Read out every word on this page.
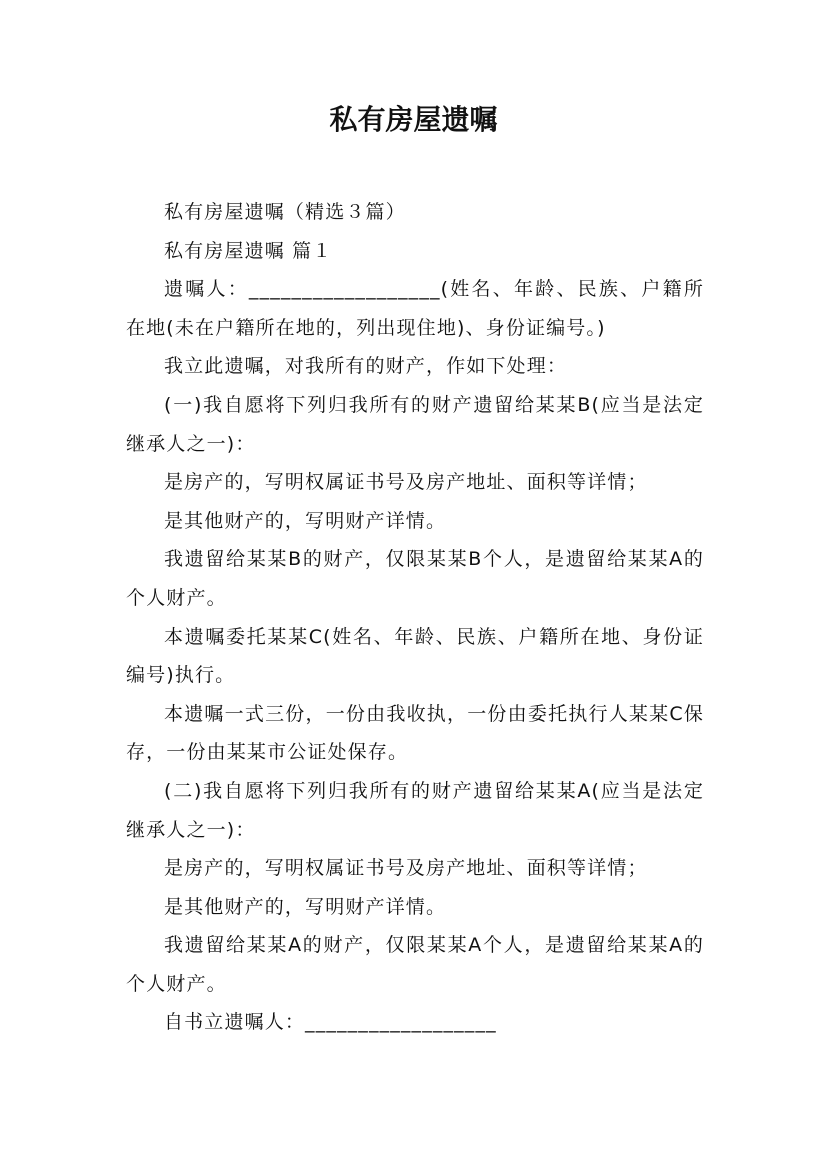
私有房屋遗嘱

私有房屋遗嘱（精选３篇）

私有房屋遗嘱 篇１

遗嘱人：__________________(姓名、年龄、民族、户籍所在地(未在户籍所在地的，列出现住地)、身份证编号。)

我立此遗嘱，对我所有的财产，作如下处理：

(一)我自愿将下列归我所有的财产遗留给某某B(应当是法定继承人之一)：

是房产的，写明权属证书号及房产地址、面积等详情；

是其他财产的，写明财产详情。

我遗留给某某B的财产，仅限某某B个人，是遗留给某某A的个人财产。

本遗嘱委托某某C(姓名、年龄、民族、户籍所在地、身份证编号)执行。

本遗嘱一式三份，一份由我收执，一份由委托执行人某某C保存，一份由某某市公证处保存。

(二)我自愿将下列归我所有的财产遗留给某某A(应当是法定继承人之一)：

是房产的，写明权属证书号及房产地址、面积等详情；

是其他财产的，写明财产详情。

我遗留给某某A的财产，仅限某某A个人，是遗留给某某A的个人财产。

自书立遗嘱人：__________________
